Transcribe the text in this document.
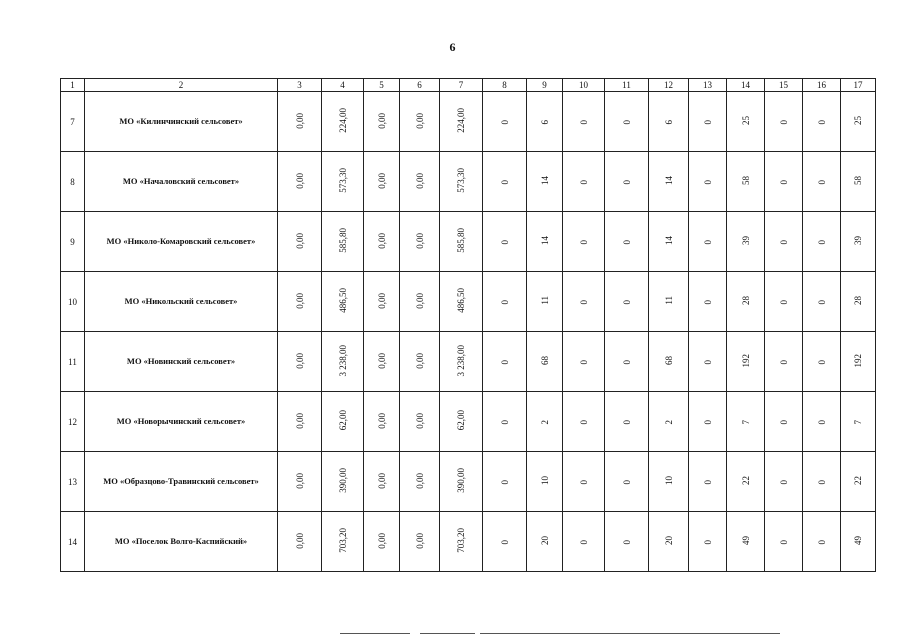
6
1	2	3	4	5	6	7	8	9	10	11	12	13	14	15	16	17
7	МО «Килинчинский сельсовет»	0,00	224,00	0,00	0,00	224,00	0	6	0	0	6	0	25	0	0	25
8	МО «Началовский сельсовет»	0,00	573,30	0,00	0,00	573,30	0	14	0	0	14	0	58	0	0	58
9	МО «Николо-Комаровский сельсовет»	0,00	585,80	0,00	0,00	585,80	0	14	0	0	14	0	39	0	0	39
10	МО «Никольский сельсовет»	0,00	486,50	0,00	0,00	486,50	0	11	0	0	11	0	28	0	0	28
11	МО «Новинский сельсовет»	0,00	3 238,00	0,00	0,00	3 238,00	0	68	0	0	68	0	192	0	0	192
12	МО «Новорычинский сельсовет»	0,00	62,00	0,00	0,00	62,00	0	2	0	0	2	0	7	0	0	7
13	МО «Образцово-Травинский сельсовет»	0,00	390,00	0,00	0,00	390,00	0	10	0	0	10	0	22	0	0	22
14	МО «Поселок Волго-Каспийский»	0,00	703,20	0,00	0,00	703,20	0	20	0	0	20	0	49	0	0	49
